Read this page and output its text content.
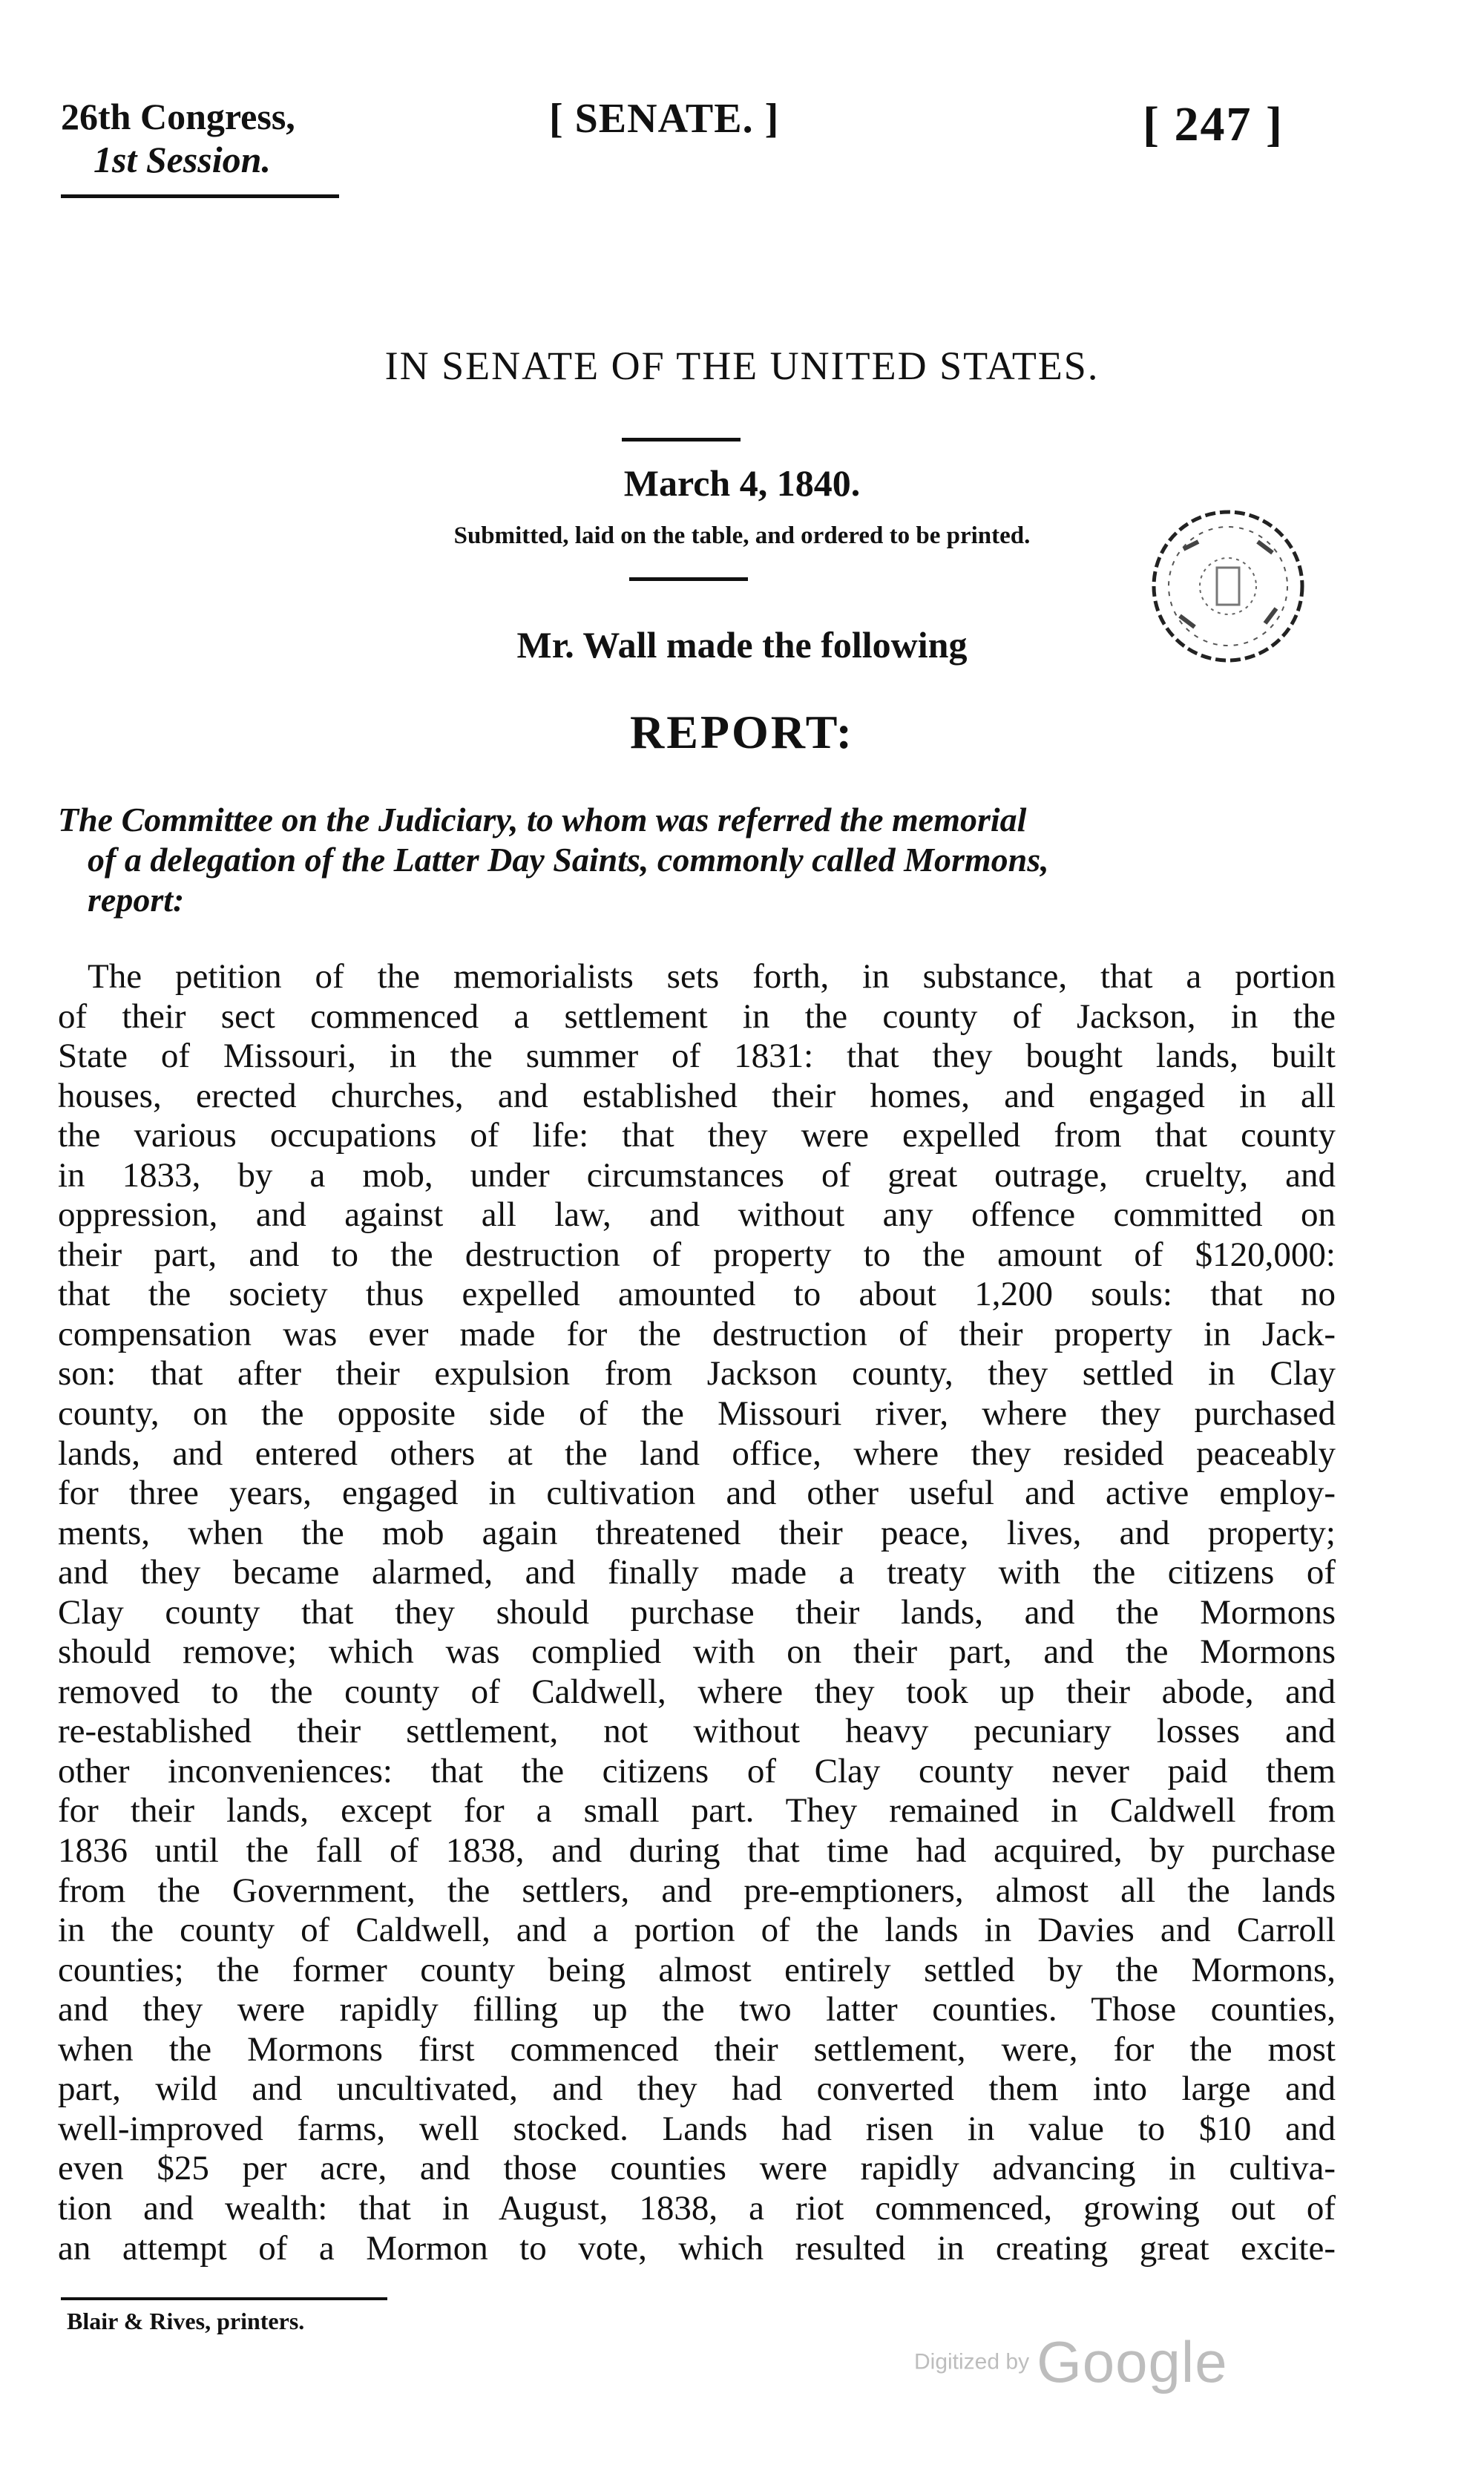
26th Congress,
1st Session.
[ SENATE. ]	[ 247 ]
IN SENATE OF THE UNITED STATES.
March 4, 1840.
Submitted, laid on the table, and ordered to be printed.
Mr. Wall made the following
REPORT:
The Committee on the Judiciary, to whom was referred the memorial
of a delegation of the Latter Day Saints, commonly called Mormons,
report:
The petition of the memorialists sets forth, in substance, that a portion
of their sect commenced a settlement in the county of Jackson, in the
State of Missouri, in the summer of 1831: that they bought lands, built
houses, erected churches, and established their homes, and engaged in all
the various occupations of life: that they were expelled from that county
in 1833, by a mob, under circumstances of great outrage, cruelty, and
oppression, and against all law, and without any offence committed on
their part, and to the destruction of property to the amount of $120,000:
that the society thus expelled amounted to about 1,200 souls: that no
compensation was ever made for the destruction of their property in Jack-
son: that after their expulsion from Jackson county, they settled in Clay
county, on the opposite side of the Missouri river, where they purchased
lands, and entered others at the land office, where they resided peaceably
for three years, engaged in cultivation and other useful and active employ-
ments, when the mob again threatened their peace, lives, and property;
and they became alarmed, and finally made a treaty with the citizens of
Clay county that they should purchase their lands, and the Mormons
should remove; which was complied with on their part, and the Mormons
removed to the county of Caldwell, where they took up their abode, and
re-established their settlement, not without heavy pecuniary losses and
other inconveniences: that the citizens of Clay county never paid them
for their lands, except for a small part. They remained in Caldwell from
1836 until the fall of 1838, and during that time had acquired, by purchase
from the Government, the settlers, and pre-emptioners, almost all the lands
in the county of Caldwell, and a portion of the lands in Davies and Carroll
counties; the former county being almost entirely settled by the Mormons,
and they were rapidly filling up the two latter counties. Those counties,
when the Mormons first commenced their settlement, were, for the most
part, wild and uncultivated, and they had converted them into large and
well-improved farms, well stocked. Lands had risen in value to $10 and
even $25 per acre, and those counties were rapidly advancing in cultiva-
tion and wealth: that in August, 1838, a riot commenced, growing out of
an attempt of a Mormon to vote, which resulted in creating great excite-
Blair & Rives, printers.
Digitized by Google
